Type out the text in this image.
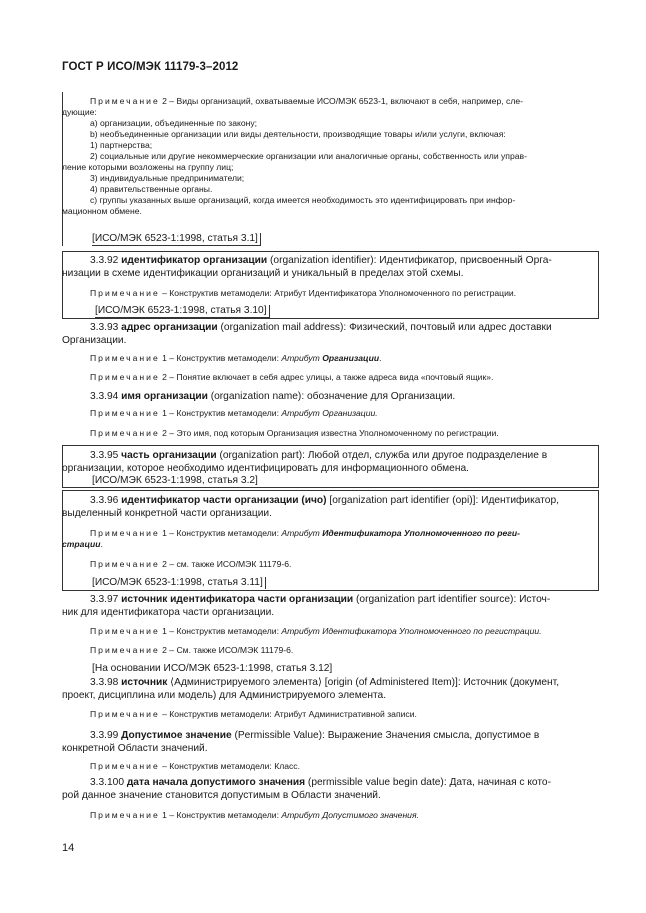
ГОСТ Р ИСО/МЭК 11179-3–2012
Примечание 2 – Виды организаций, охватываемые ИСО/МЭК 6523-1, включают в себя, например, сле-
дующие:
а) организации, объединенные по закону;
b) необъединенные организации или виды деятельности, производящие товары и/или услуги, включая:
1) партнерства;
2) социальные или другие некоммерческие организации или аналогичные органы, собственность или управ-
ление которыми возложены на группу лиц;
3) индивидуальные предприниматели;
4) правительственные органы.
с) группы указанных выше организаций, когда имеется необходимость это идентифицировать при инфор-
мационном обмене.
[ИСО/МЭК 6523-1:1998, статья 3.1]
3.3.92 идентификатор организации (organization identifier): Идентификатор, присвоенный Орга-
низации в схеме идентификации организаций и уникальный в пределах этой схемы.
Примечание – Конструктив метамодели: Атрибут Идентификатора Уполномоченного по регистрации.
[ИСО/МЭК 6523-1:1998, статья 3.10]
3.3.93 адрес организации (organization mail address): Физический, почтовый или адрес доставки
Организации.
Примечание 1 – Конструктив метамодели: Атрибут Организации.
Примечание 2 – Понятие включает в себя адрес улицы, а также адреса вида «почтовый ящик».
3.3.94 имя организации (organization name): обозначение для Организации.
Примечание 1 – Конструктив метамодели: Атрибут Организации.
Примечание 2 – Это имя, под которым Организация известна Уполномоченному по регистрации.
3.3.95 часть организации (organization part): Любой отдел, служба или другое подразделение в
организации, которое необходимо идентифицировать для информационного обмена.
[ИСО/МЭК 6523-1:1998, статья 3.2]
3.3.96 идентификатор части организации (ичо) [organization part identifier (opi)]: Идентификатор,
выделенный конкретной части организации.
Примечание 1 – Конструктив метамодели: Атрибут Идентификатора Уполномоченного по реги-
страции.
Примечание 2 – см. также ИСО/МЭК 11179-6.
[ИСО/МЭК 6523-1:1998, статья 3.11]
3.3.97 источник идентификатора части организации (organization part identifier source): Источ-
ник для идентификатора части организации.
Примечание 1 – Конструктив метамодели: Атрибут Идентификатора Уполномоченного по регистрации.
Примечание 2 – См. также ИСО/МЭК 11179-6.
[На основании ИСО/МЭК 6523-1:1998, статья 3.12]
3.3.98 источник ⟨Администрируемого элемента⟩ [origin (of Administered Item)]: Источник (документ,
проект, дисциплина или модель) для Администрируемого элемента.
Примечание – Конструктив метамодели: Атрибут Административной записи.
3.3.99 Допустимое значение (Permissible Value): Выражение Значения смысла, допустимое в
конкретной Области значений.
Примечание – Конструктив метамодели: Класс.
3.3.100 дата начала допустимого значения (permissible value begin date): Дата, начиная с кото-
рой данное значение становится допустимым в Области значений.
Примечание 1 – Конструктив метамодели: Атрибут Допустимого значения.
14
